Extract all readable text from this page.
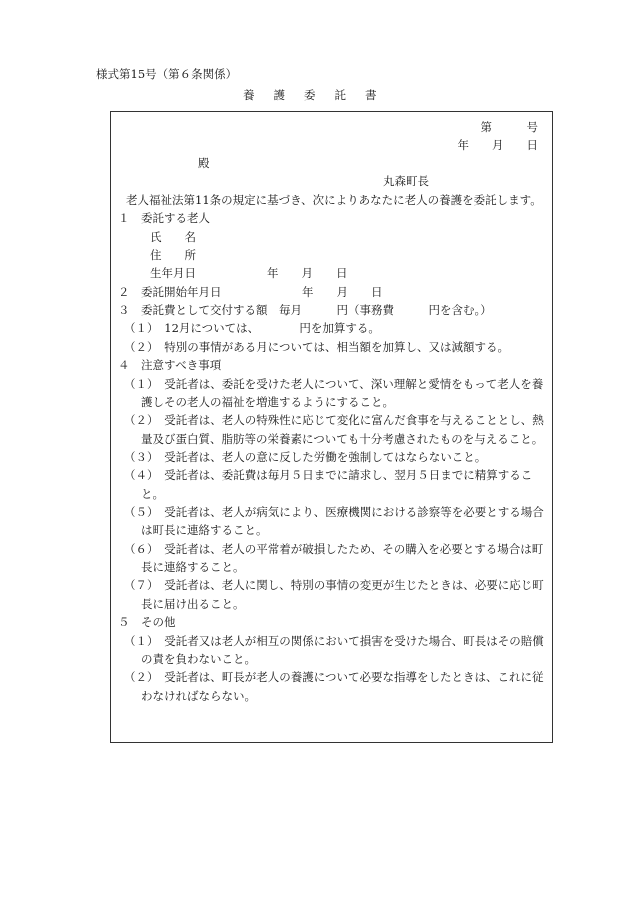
様式第15号（第６条関係）
養護委託書
第　　　号
年　　月　　日
殿
丸森町長
老人福祉法第11条の規定に基づき、次によりあなたに老人の養護を委託します。
１　委託する老人
氏　　名
住　　所
生年月日	年　　月　　日
２　委託開始年月日	年　　月　　日
３　委託費として交付する額　毎月　　　円（事務費　　　円を含む。）
（１）　12月については、　　　　円を加算する。
（２）　特別の事情がある月については、相当額を加算し、又は減額する。
４　注意すべき事項
（１）　受託者は、委託を受けた老人について、深い理解と愛情をもって老人を養
護しその老人の福祉を増進するようにすること。
（２）　受託者は、老人の特殊性に応じて変化に富んだ食事を与えることとし、熱
量及び蛋白質、脂肪等の栄養素についても十分考慮されたものを与えること。
（３）　受託者は、老人の意に反した労働を強制してはならないこと。
（４）　受託者は、委託費は毎月５日までに請求し、翌月５日までに精算するこ
と。
（５）　受託者は、老人が病気により、医療機関における診察等を必要とする場合
は町長に連絡すること。
（６）　受託者は、老人の平常着が破損したため、その購入を必要とする場合は町
長に連絡すること。
（７）　受託者は、老人に関し、特別の事情の変更が生じたときは、必要に応じ町
長に届け出ること。
５　その他
（１）　受託者又は老人が相互の関係において損害を受けた場合、町長はその賠償
の責を負わないこと。
（２）　受託者は、町長が老人の養護について必要な指導をしたときは、これに従
わなければならない。
